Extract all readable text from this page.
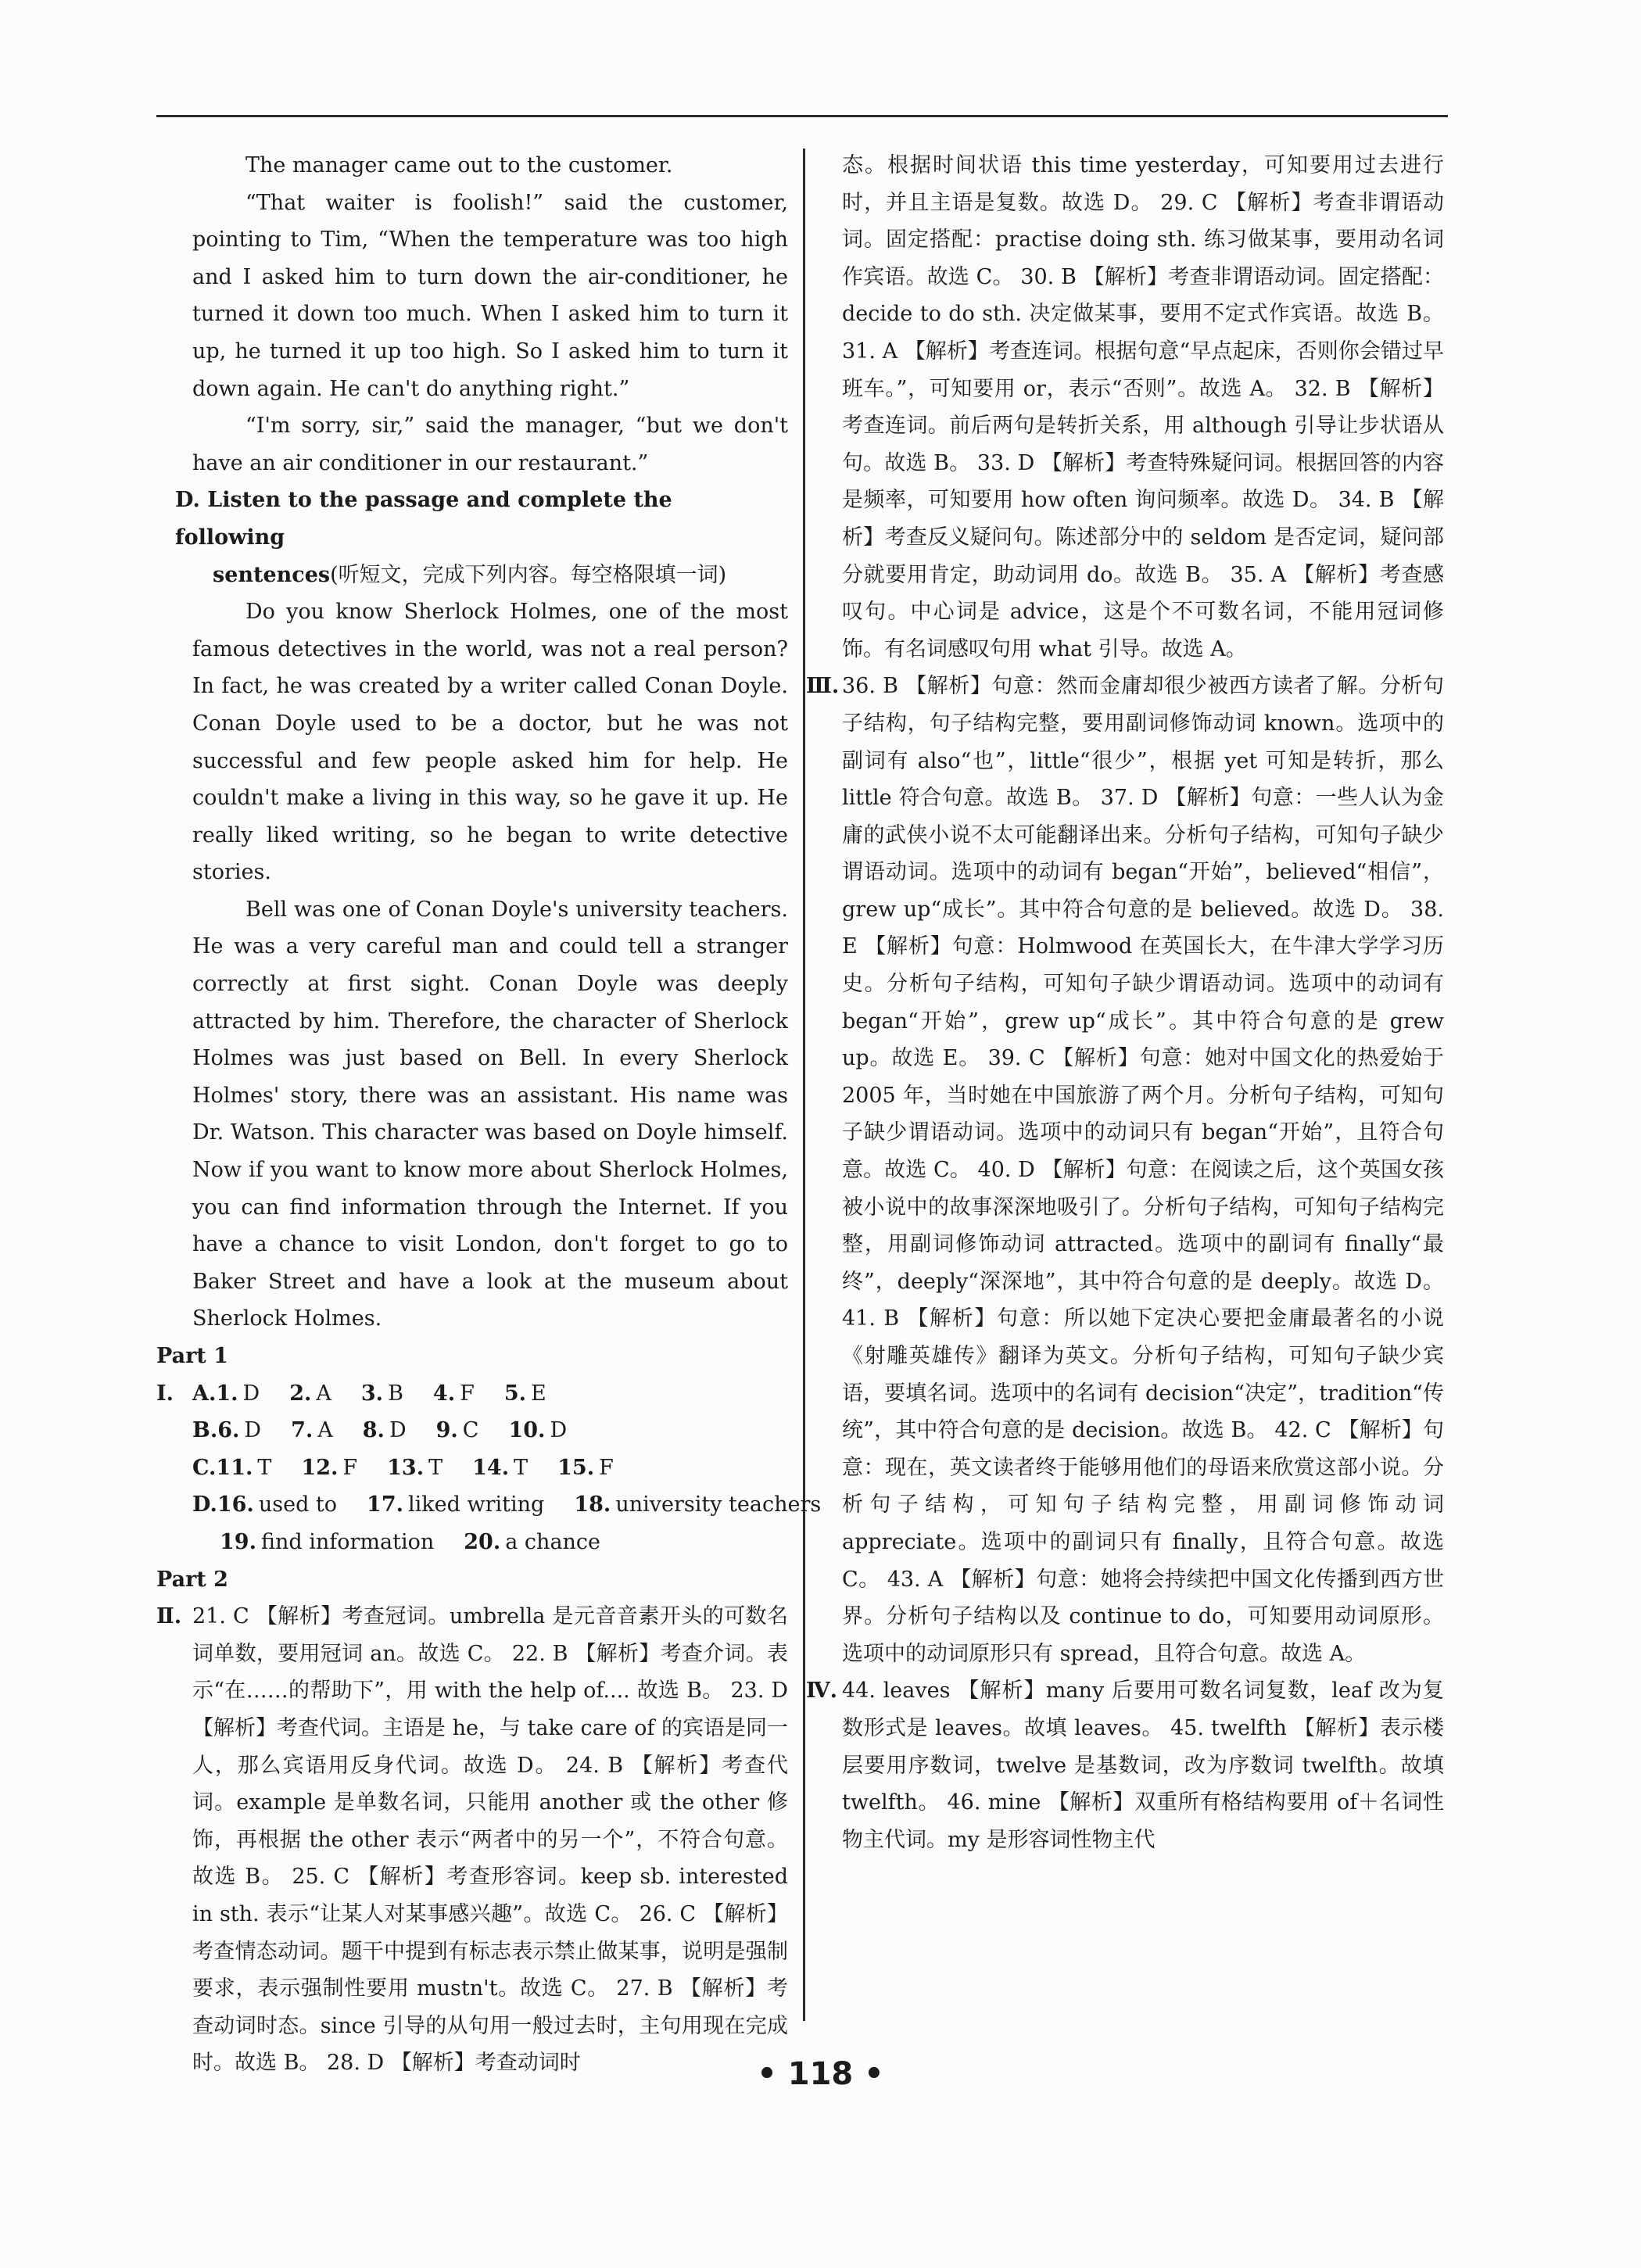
The manager came out to the customer.

“That waiter is foolish!” said the customer, pointing to Tim, “When the temperature was too high and I asked him to turn down the air-conditioner, he turned it down too much. When I asked him to turn it up, he turned it up too high. So I asked him to turn it down again. He can't do anything right.”

“I'm sorry, sir,” said the manager, “but we don't have an air conditioner in our restaurant.”

D. Listen to the passage and complete the following
sentences(听短文，完成下列内容。每空格限填一词)

Do you know Sherlock Holmes, one of the most famous detectives in the world, was not a real person? In fact, he was created by a writer called Conan Doyle. Conan Doyle used to be a doctor, but he was not successful and few people asked him for help. He couldn't make a living in this way, so he gave it up. He really liked writing, so he began to write detective stories.

Bell was one of Conan Doyle's university teachers. He was a very careful man and could tell a stranger correctly at first sight. Conan Doyle was deeply attracted by him. Therefore, the character of Sherlock Holmes was just based on Bell. In every Sherlock Holmes' story, there was an assistant. His name was Dr. Watson. This character was based on Doyle himself. Now if you want to know more about Sherlock Holmes, you can find information through the Internet. If you have a chance to visit London, don't forget to go to Baker Street and have a look at the museum about Sherlock Holmes.

Part 1

Ⅰ. A.1. D 2. A 3. B 4. F 5. E

B.6. D 7. A 8. D 9. C 10. D

C.11. T 12. F 13. T 14. T 15. F

D.16. used to 17. liked writing 18. university teachers

19. find information 20. a chance

Part 2

Ⅱ. 21. C 【解析】考查冠词。umbrella 是元音音素开头的可数名词单数，要用冠词 an。故选 C。 22. B 【解析】考查介词。表示“在……的帮助下”，用 with the help of.... 故选 B。 23. D 【解析】考查代词。主语是 he，与 take care of 的宾语是同一人，那么宾语用反身代词。故选 D。 24. B 【解析】考查代词。example 是单数名词，只能用 another 或 the other 修饰，再根据 the other 表示“两者中的另一个”，不符合句意。故选 B。 25. C 【解析】考查形容词。keep sb. interested in sth. 表示“让某人对某事感兴趣”。故选 C。 26. C 【解析】考查情态动词。题干中提到有标志表示禁止做某事，说明是强制要求，表示强制性要用 mustn't。故选 C。 27. B 【解析】考查动词时态。since 引导的从句用一般过去时，主句用现在完成时。故选 B。 28. D 【解析】考查动词时

态。根据时间状语 this time yesterday，可知要用过去进行时，并且主语是复数。故选 D。 29. C 【解析】考查非谓语动词。固定搭配：practise doing sth. 练习做某事，要用动名词作宾语。故选 C。 30. B 【解析】考查非谓语动词。固定搭配：decide to do sth. 决定做某事，要用不定式作宾语。故选 B。 31. A 【解析】考查连词。根据句意“早点起床，否则你会错过早班车。”，可知要用 or，表示“否则”。故选 A。 32. B 【解析】考查连词。前后两句是转折关系，用 although 引导让步状语从句。故选 B。 33. D 【解析】考查特殊疑问词。根据回答的内容是频率，可知要用 how often 询问频率。故选 D。 34. B 【解析】考查反义疑问句。陈述部分中的 seldom 是否定词，疑问部分就要用肯定，助动词用 do。故选 B。 35. A 【解析】考查感叹句。中心词是 advice，这是个不可数名词，不能用冠词修饰。有名词感叹句用 what 引导。故选 A。

Ⅲ. 36. B 【解析】句意：然而金庸却很少被西方读者了解。分析句子结构，句子结构完整，要用副词修饰动词 known。选项中的副词有 also“也”，little“很少”，根据 yet 可知是转折，那么 little 符合句意。故选 B。 37. D 【解析】句意：一些人认为金庸的武侠小说不太可能翻译出来。分析句子结构，可知句子缺少谓语动词。选项中的动词有 began“开始”，believed“相信”，grew up“成长”。其中符合句意的是 believed。故选 D。 38. E 【解析】句意：Holmwood 在英国长大，在牛津大学学习历史。分析句子结构，可知句子缺少谓语动词。选项中的动词有 began“开始”，grew up“成长”。其中符合句意的是 grew up。故选 E。 39. C 【解析】句意：她对中国文化的热爱始于 2005 年，当时她在中国旅游了两个月。分析句子结构，可知句子缺少谓语动词。选项中的动词只有 began“开始”，且符合句意。故选 C。 40. D 【解析】句意：在阅读之后，这个英国女孩被小说中的故事深深地吸引了。分析句子结构，可知句子结构完整，用副词修饰动词 attracted。选项中的副词有 finally“最终”，deeply“深深地”，其中符合句意的是 deeply。故选 D。 41. B 【解析】句意：所以她下定决心要把金庸最著名的小说《射雕英雄传》翻译为英文。分析句子结构，可知句子缺少宾语，要填名词。选项中的名词有 decision“决定”，tradition“传统”，其中符合句意的是 decision。故选 B。 42. C 【解析】句意：现在，英文读者终于能够用他们的母语来欣赏这部小说。分析句子结构，可知句子结构完整，用副词修饰动词 appreciate。选项中的副词只有 finally，且符合句意。故选 C。 43. A 【解析】句意：她将会持续把中国文化传播到西方世界。分析句子结构以及 continue to do，可知要用动词原形。选项中的动词原形只有 spread，且符合句意。故选 A。

Ⅳ. 44. leaves 【解析】many 后要用可数名词复数，leaf 改为复数形式是 leaves。故填 leaves。 45. twelfth 【解析】表示楼层要用序数词，twelve 是基数词，改为序数词 twelfth。故填 twelfth。 46. mine 【解析】双重所有格结构要用 of＋名词性物主代词。my 是形容词性物主代

• 118 •
